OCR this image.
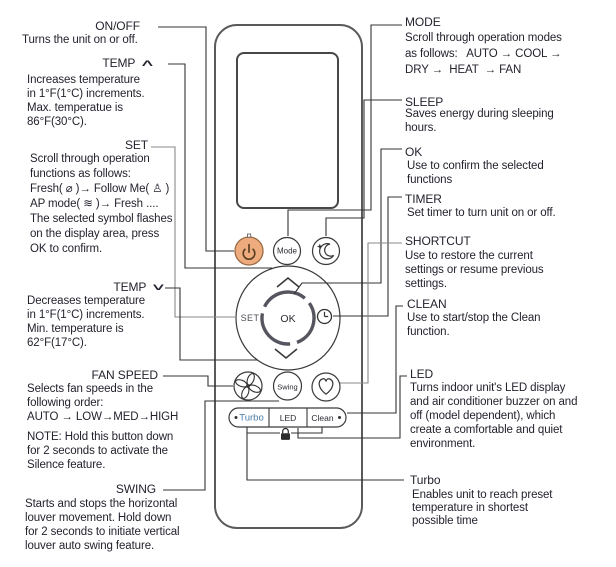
ON/OFF
Turns the unit on or off.
TEMP ∧
Increases temperature
in 1°F(1°C) increments.
Max. temperatue is
86°F(30°C).
SET
Scroll through operation
functions as follows:
Fresh( ⌀ )→ Follow Me( ♙ )
AP mode( ≋ )→ Fresh ....
The selected symbol flashes
on the display area, press
OK to confirm.
TEMP ∨
Decreases temperature
in 1°F(1°C) increments.
Min. temperature is
62°F(17°C).
FAN SPEED
Selects fan speeds in the
following order:
AUTO → LOW→MED→HIGH
NOTE: Hold this button down
for 2 seconds to activate the
Silence feature.
SWING
Starts and stops the horizontal
louver movement. Hold down
for 2 seconds to initiate vertical
louver auto swing feature.
MODE
Scroll through operation modes
as follows:   AUTO → COOL →
DRY →  HEAT  → FAN
SLEEP
Saves energy during sleeping
hours.
OK
Use to confirm the selected
functions
TIMER
Set timer to turn unit on or off.
SHORTCUT
Use to restore the current
settings or resume previous
settings.
CLEAN
Use to start/stop the Clean
function.
LED
Turns indoor unit's LED display
and air conditioner buzzer on and
off (model dependent), which
create a comfortable and quiet
environment.
Turbo
Enables unit to reach preset
temperature in shortest
possible time
Mode
SET OK
Swing
Turbo LED Clean
